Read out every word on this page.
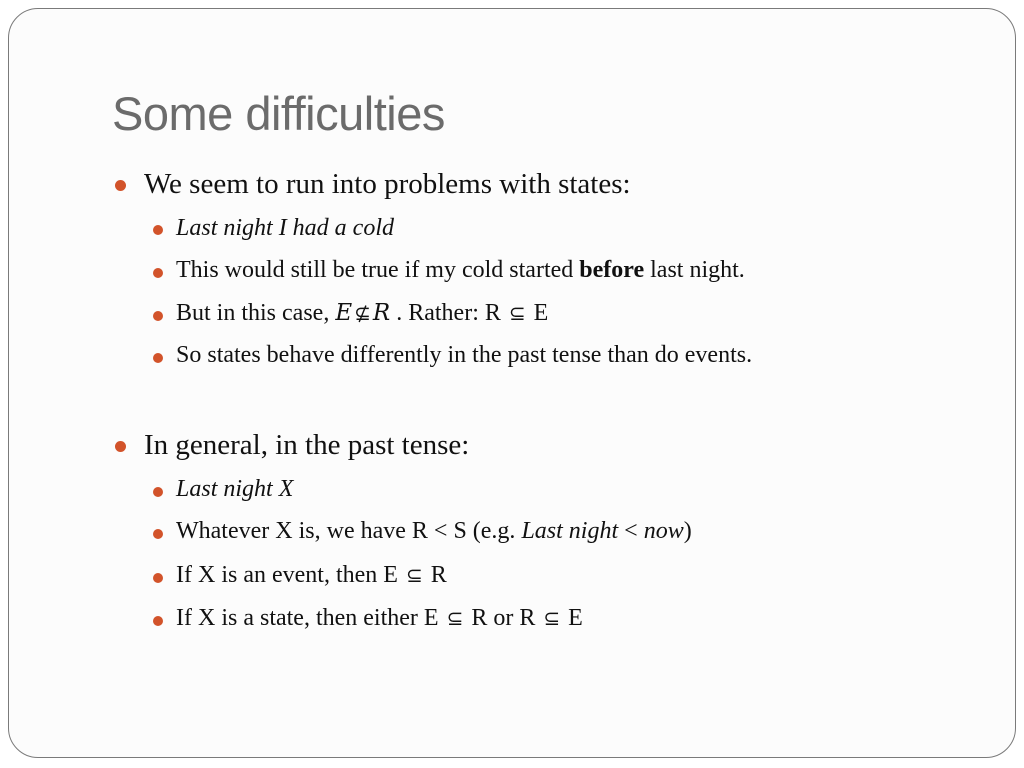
Some difficulties
We seem to run into problems with states:
Last night I had a cold
This would still be true if my cold started before last night.
But in this case, E ⊈R . Rather: R ⊆ E
So states behave differently in the past tense than do events.
In general, in the past tense:
Last night X
Whatever X is, we have R < S (e.g. Last night < now)
If X is an event, then E ⊆ R
If X is a state, then either E ⊆ R or R ⊆ E
